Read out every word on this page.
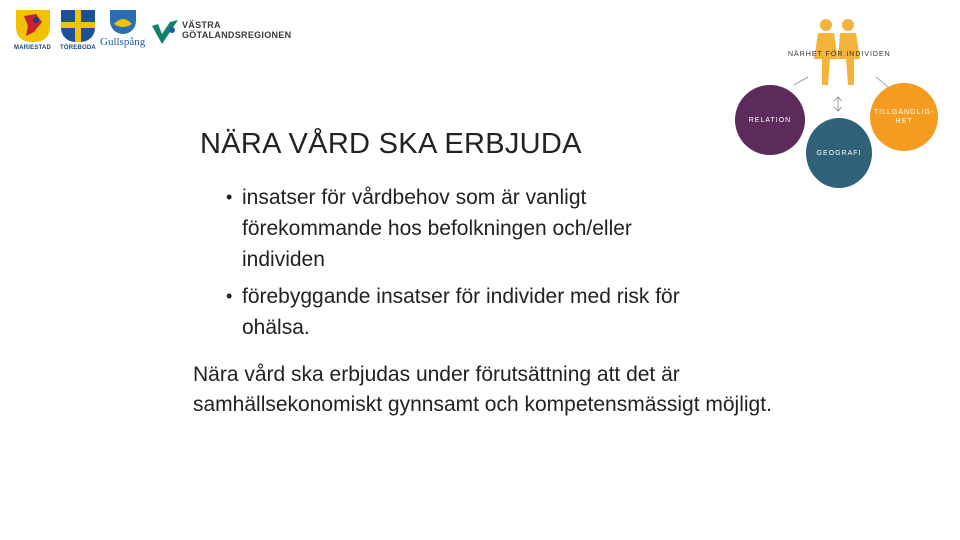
MARIESTAD TÖREBODA Gullspång
VÄSTRA
GÖTALANDSREGIONEN
NÄRHET FÖR INDIVIDEN
RELATION
TILLGÄNGLIG-
HET
GEOGRAFI
NÄRA VÅRD SKA ERBJUDA
• insatser för vårdbehov som är vanligt förekommande hos befolkningen och/eller individen
• förebyggande insatser för individer med risk för ohälsa.
Nära vård ska erbjudas under förutsättning att det är samhällsekonomiskt gynnsamt och kompetensmässigt möjligt.
